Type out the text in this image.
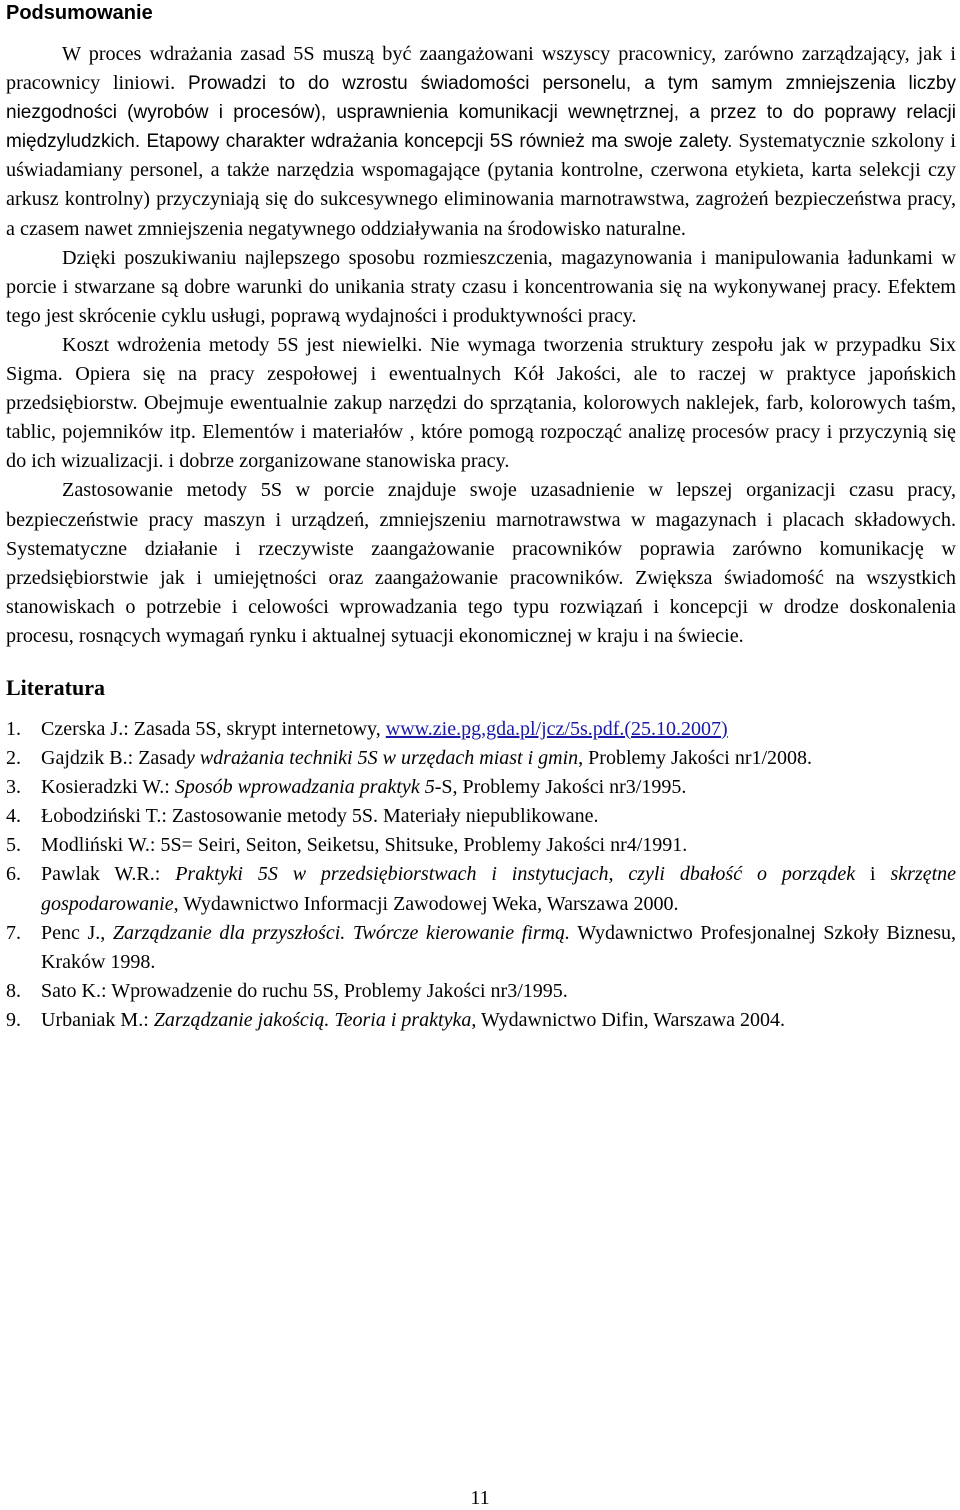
Podsumowanie

W proces wdrażania zasad 5S muszą być zaangażowani wszyscy pracownicy, zarówno zarządzający, jak i pracownicy liniowi. Prowadzi to do wzrostu świadomości personelu, a tym samym zmniejszenia liczby niezgodności (wyrobów i procesów), usprawnienia komunikacji wewnętrznej, a przez to do poprawy relacji międzyludzkich. Etapowy charakter wdrażania koncepcji 5S również ma swoje zalety. Systematycznie szkolony i uświadamiany personel, a także narzędzia wspomagające (pytania kontrolne, czerwona etykieta, karta selekcji czy arkusz kontrolny) przyczyniają się do sukcesywnego eliminowania marnotrawstwa, zagrożeń bezpieczeństwa pracy, a czasem nawet zmniejszenia negatywnego oddziaływania na środowisko naturalne.

Dzięki poszukiwaniu najlepszego sposobu rozmieszczenia, magazynowania i manipulowania ładunkami w porcie i stwarzane są dobre warunki do unikania straty czasu i koncentrowania się na wykonywanej pracy. Efektem tego jest skrócenie cyklu usługi, poprawą wydajności i produktywności pracy.

Koszt wdrożenia metody 5S jest niewielki. Nie wymaga tworzenia struktury zespołu jak w przypadku Six Sigma. Opiera się na pracy zespołowej i ewentualnych Kół Jakości, ale to raczej w praktyce japońskich przedsiębiorstw. Obejmuje ewentualnie zakup narzędzi do sprzątania, kolorowych naklejek, farb, kolorowych taśm, tablic, pojemników itp. Elementów i materiałów , które pomogą rozpocząć analizę procesów pracy i przyczynią się do ich wizualizacji. i dobrze zorganizowane stanowiska pracy.

Zastosowanie metody 5S w porcie znajduje swoje uzasadnienie w lepszej organizacji czasu pracy, bezpieczeństwie pracy maszyn i urządzeń, zmniejszeniu marnotrawstwa w magazynach i placach składowych. Systematyczne działanie i rzeczywiste zaangażowanie pracowników poprawia zarówno komunikację w przedsiębiorstwie jak i umiejętności oraz zaangażowanie pracowników. Zwiększa świadomość na wszystkich stanowiskach o potrzebie i celowości wprowadzania tego typu rozwiązań i koncepcji w drodze doskonalenia procesu, rosnących wymagań rynku i aktualnej sytuacji ekonomicznej w kraju i na świecie.

Literatura
1. Czerska J.: Zasada 5S, skrypt internetowy, www.zie.pg,gda.pl/jcz/5s.pdf.(25.10.2007)
2. Gajdzik B.: Zasady wdrażania techniki 5S w urzędach miast i gmin, Problemy Jakości nr1/2008.
3. Kosieradzki W.: Sposób wprowadzania praktyk 5-S, Problemy Jakości nr3/1995.
4. Łobodziński T.: Zastosowanie metody 5S. Materiały niepublikowane.
5. Modliński W.: 5S= Seiri, Seiton, Seiketsu, Shitsuke, Problemy Jakości nr4/1991.
6. Pawlak W.R.: Praktyki 5S w przedsiębiorstwach i instytucjach, czyli dbałość o porządek i skrzętne gospodarowanie, Wydawnictwo Informacji Zawodowej Weka, Warszawa 2000.
7. Penc J., Zarządzanie dla przyszłości. Twórcze kierowanie firmą. Wydawnictwo Profesjonalnej Szkoły Biznesu, Kraków 1998.
8. Sato K.: Wprowadzenie do ruchu 5S, Problemy Jakości nr3/1995.
9. Urbaniak M.: Zarządzanie jakością. Teoria i praktyka, Wydawnictwo Difin, Warszawa 2004.
11
